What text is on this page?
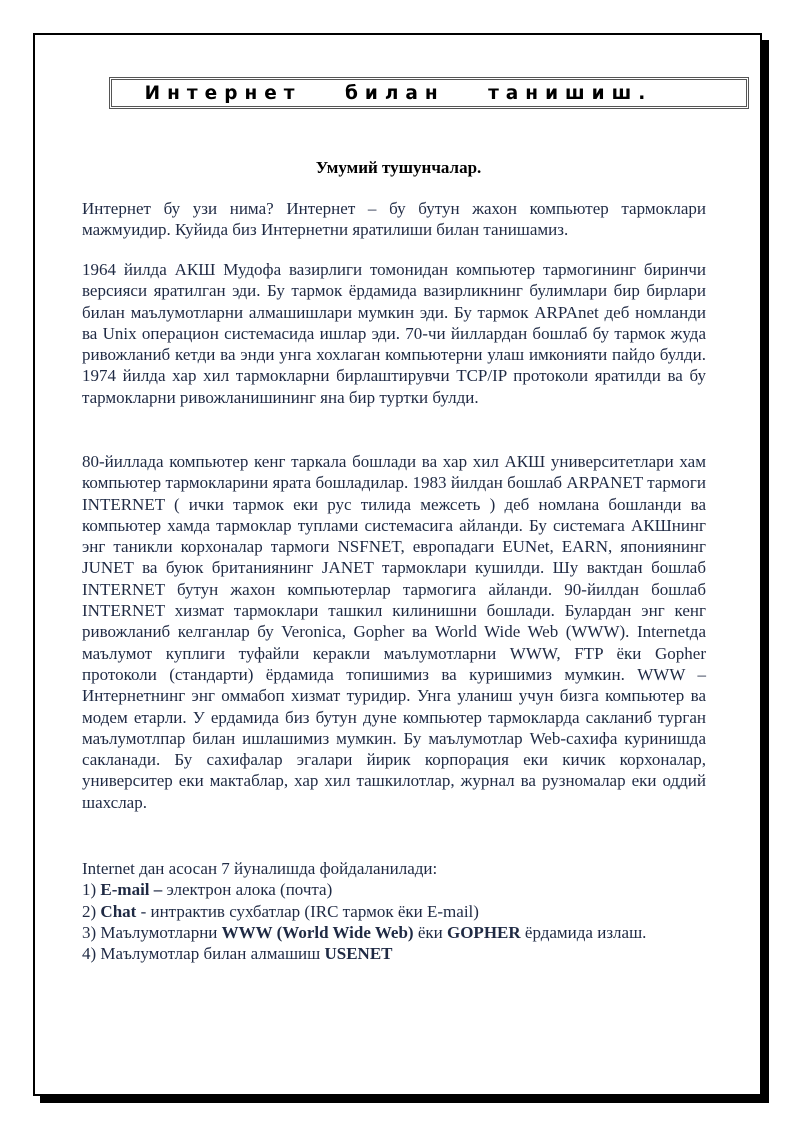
Интернет билан танишиш.
Умумий тушунчалар.

Интернет бу узи нима? Интернет – бу бутун жахон компьютер тармоклари мажмуидир. Куйида биз Интернетни яратилиши билан танишамиз.

1964 йилда АКШ Мудофа вазирлиги томонидан компьютер тармогининг биринчи версияси яратилган эди. Бу тармок ёрдамида вазирликнинг булимлари бир бирлари билан маълумотларни алмашишлари мумкин эди. Бу тармок ARPAnet деб номланди ва Unix операцион системасида ишлар эди. 70-чи йиллардан бошлаб бу тармок жуда ривожланиб кетди ва энди унга хохлаган компьютерни улаш имконияти пайдо булди. 1974 йилда хар хил тармокларни бирлаштирувчи TCP/IP протоколи яратилди ва бу тармокларни ривожланишининг яна бир туртки булди.

80-йиллада компьютер кенг таркала бошлади ва хар хил АКШ университетлари хам компьютер тармокларини ярата бошладилар. 1983 йилдан бошлаб ARPANET тармоги INTERNET ( ички тармок еки рус тилида межсеть ) деб номлана бошланди ва компьютер хамда тармоклар туплами системасига айланди. Бу системага АКШнинг энг таникли корхоналар тармоги NSFNET, европадаги EUNet, EARN, япониянинг JUNET ва буюк британиянинг JANET тармоклари кушилди. Шу вактдан бошлаб INTERNET бутун жахон компьютерлар тармогига айланди. 90-йилдан бошлаб INTERNET хизмат тармоклари ташкил килинишни бошлади. Булардан энг кенг ривожланиб келганлар бу Veronica, Gopher ва World Wide Web (WWW). Internetда маълумот куплиги туфайли керакли маълумотларни WWW, FTP ёки Gopher протоколи (стандарти) ёрдамида топишимиз ва куришимиз мумкин. WWW – Интернетнинг энг оммабоп хизмат туридир. Унга уланиш учун бизга компьютер ва модем етарли. У ердамида биз бутун дуне компьютер тармокларда сакланиб турган маълумотлпар билан ишлашимиз мумкин. Бу маълумотлар Web-сахифа куринишда сакланади. Бу сахифалар эгалари йирик корпорация еки кичик корхоналар, университер еки мактаблар, хар хил ташкилотлар, журнал ва рузномалар еки оддий шахслар.

Internet дан асосан 7 йуналишда фойдаланилади:
1) E-mail – электрон алока (почта)
2) Chat - интрактив сухбатлар (IRC тармок ёки E-mail)
3) Маълумотларни WWW (World Wide Web) ёки GOPHER ёрдамида излаш.
4) Маълумотлар билан алмашиш USENET
